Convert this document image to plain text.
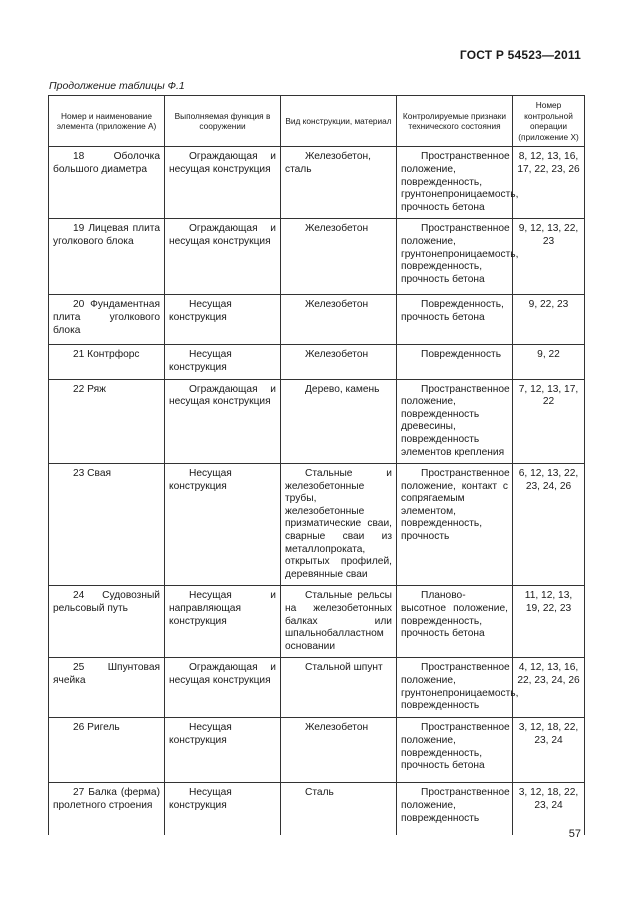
ГОСТ Р 54523—2011
Продолжение таблицы Ф.1
Номер и наименование элемента (приложение А)	Выполняемая функция в сооружении	Вид конструкции, материал	Контролируемые признаки технического состояния	Номер контрольной операции (приложение X)
18 Оболочка большого диаметра	Ограждающая и несущая конструкция	Железобетон, сталь	Пространственное положение, поврежденность, грунтонепроницаемость, прочность бетона	8, 12, 13, 16, 17, 22, 23, 26
19 Лицевая плита уголкового блока	Ограждающая и несущая конструкция	Железобетон	Пространственное положение, грунтонепроницаемость, поврежденность, прочность бетона	9, 12, 13, 22, 23
20 Фундаментная плита уголкового блока	Несущая конструкция	Железобетон	Поврежденность, прочность бетона	9, 22, 23
21 Контрфорс	Несущая конструкция	Железобетон	Поврежденность	9, 22
22 Ряж	Ограждающая и несущая конструкция	Дерево, камень	Пространственное положение, поврежденность древесины, поврежденность элементов крепления	7, 12, 13, 17, 22
23 Свая	Несущая конструкция	Стальные и железобетонные трубы, железобетонные призматические сваи, сварные сваи из металлопроката, открытых профилей, деревянные сваи	Пространственное положение, контакт с сопрягаемым элементом, поврежденность, прочность	6, 12, 13, 22, 23, 24, 26
24 Судовозный рельсовый путь	Несущая и направляющая конструкция	Стальные рельсы на железобетонных балках или шпальнобалластном основании	Планово-высотное положение, поврежденность, прочность бетона	11, 12, 13, 19, 22, 23
25 Шпунтовая ячейка	Ограждающая и несущая конструкция	Стальной шпунт	Пространственное положение, грунтонепроницаемость, поврежденность	4, 12, 13, 16, 22, 23, 24, 26
26 Ригель	Несущая конструкция	Железобетон	Пространственное положение, поврежденность, прочность бетона	3, 12, 18, 22, 23, 24
27 Балка (ферма) пролетного строения	Несущая конструкция	Сталь	Пространственное положение, поврежденность	3, 12, 18, 22, 23, 24
57
